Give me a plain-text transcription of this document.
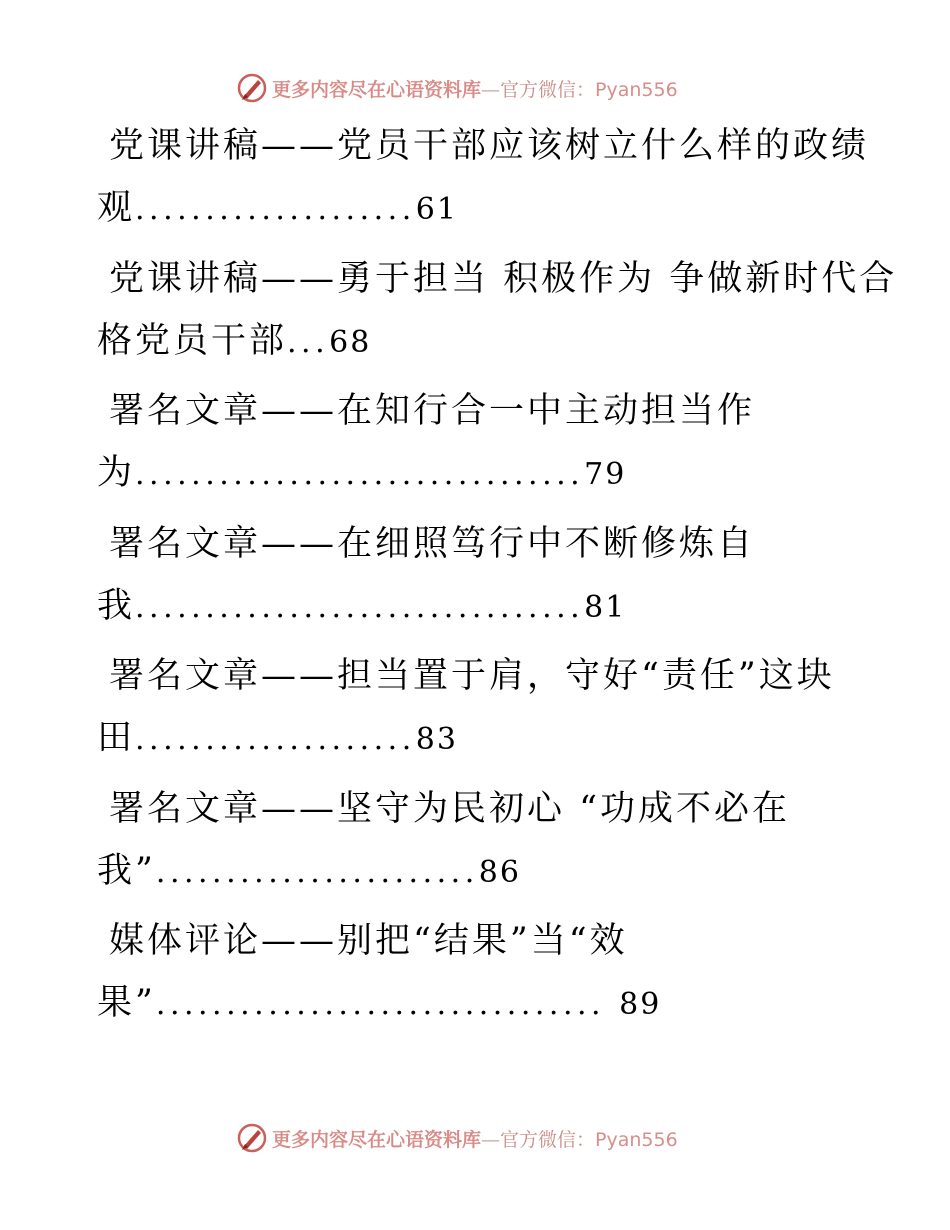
更多内容尽在心语资料库—官方微信：Pyan556
党课讲稿——党员干部应该树立什么样的政绩
观....................61
党课讲稿——勇于担当 积极作为 争做新时代合
格党员干部...68
署名文章——在知行合一中主动担当作
为................................79
署名文章——在细照笃行中不断修炼自
我................................81
署名文章——担当置于肩，守好“责任”这块
田....................83
署名文章——坚守为民初心 “功成不必在
我”.......................86
媒体评论——别把“结果”当“效
果”................................ 89
更多内容尽在心语资料库—官方微信：Pyan556
